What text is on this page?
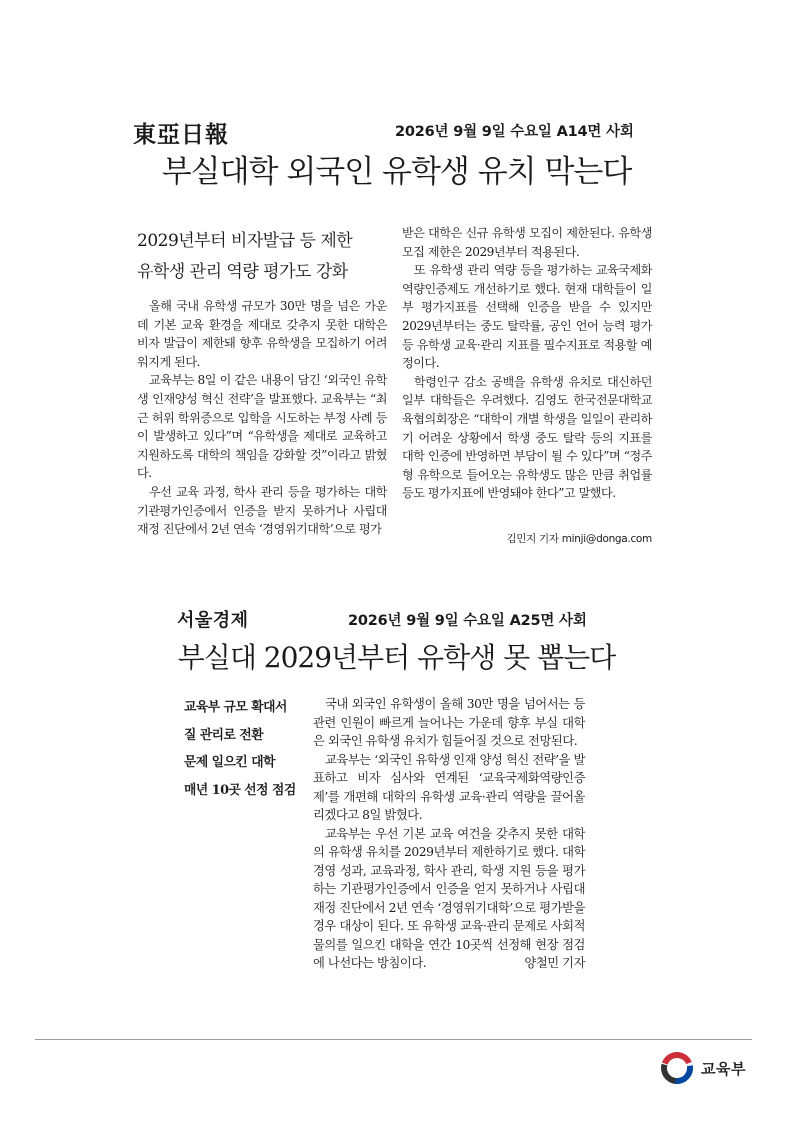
東亞日報	2026년 9월 9일 수요일 A14면 사회
부실대학 외국인 유학생 유치 막는다
2029년부터 비자발급 등 제한
유학생 관리 역량 평가도 강화

올해 국내 유학생 규모가 30만 명을 넘은 가운데 기본 교육 환경을 제대로 갖추지 못한 대학은 비자 발급이 제한돼 향후 유학생을 모집하기 어려워지게 된다.

교육부는 8일 이 같은 내용이 담긴 ‘외국인 유학생 인재양성 혁신 전략’을 발표했다. 교육부는 “최근 허위 학위증으로 입학을 시도하는 부정 사례 등이 발생하고 있다”며 “유학생을 제대로 교육하고 지원하도록 대학의 책임을 강화할 것”이라고 밝혔다.

우선 교육 과정, 학사 관리 등을 평가하는 대학기관평가인증에서 인증을 받지 못하거나 사립대 재정 진단에서 2년 연속 ‘경영위기대학’으로 평가

받은 대학은 신규 유학생 모집이 제한된다. 유학생 모집 제한은 2029년부터 적용된다.

또 유학생 관리 역량 등을 평가하는 교육국제화역량인증제도 개선하기로 했다. 현재 대학들이 일부 평가지표를 선택해 인증을 받을 수 있지만 2029년부터는 중도 탈락률, 공인 언어 능력 평가 등 유학생 교육·관리 지표를 필수지표로 적용할 예정이다.

학령인구 감소 공백을 유학생 유치로 대신하던 일부 대학들은 우려했다. 김영도 한국전문대학교육협의회장은 “대학이 개별 학생을 일일이 관리하기 어려운 상황에서 학생 중도 탈락 등의 지표를 대학 인증에 반영하면 부담이 될 수 있다”며 “정주형 유학으로 들어오는 유학생도 많은 만큼 취업률 등도 평가지표에 반영돼야 한다”고 말했다.

김민지 기자 minji@donga.com
서울경제	2026년 9월 9일 수요일 A25면 사회
부실대 2029년부터 유학생 못 뽑는다
교육부 규모 확대서
질 관리로 전환
문제 일으킨 대학
매년 10곳 선정 점검

국내 외국인 유학생이 올해 30만 명을 넘어서는 등 관련 인원이 빠르게 늘어나는 가운데 향후 부실 대학은 외국인 유학생 유치가 힘들어질 것으로 전망된다.

교육부는 ‘외국인 유학생 인재 양성 혁신 전략’을 발표하고 비자 심사와 연계된 ‘교육국제화역량인증제’를 개편해 대학의 유학생 교육·관리 역량을 끌어올리겠다고 8일 밝혔다.

교육부는 우선 기본 교육 여건을 갖추지 못한 대학의 유학생 유치를 2029년부터 제한하기로 했다. 대학 경영 성과, 교육과정, 학사 관리, 학생 지원 등을 평가하는 기관평가인증에서 인증을 얻지 못하거나 사립대 재정 진단에서 2년 연속 ‘경영위기대학’으로 평가받을 경우 대상이 된다. 또 유학생 교육·관리 문제로 사회적 물의를 일으킨 대학을 연간 10곳씩 선정해 현장 점검에 나선다는 방침이다.	양철민 기자

교육부
